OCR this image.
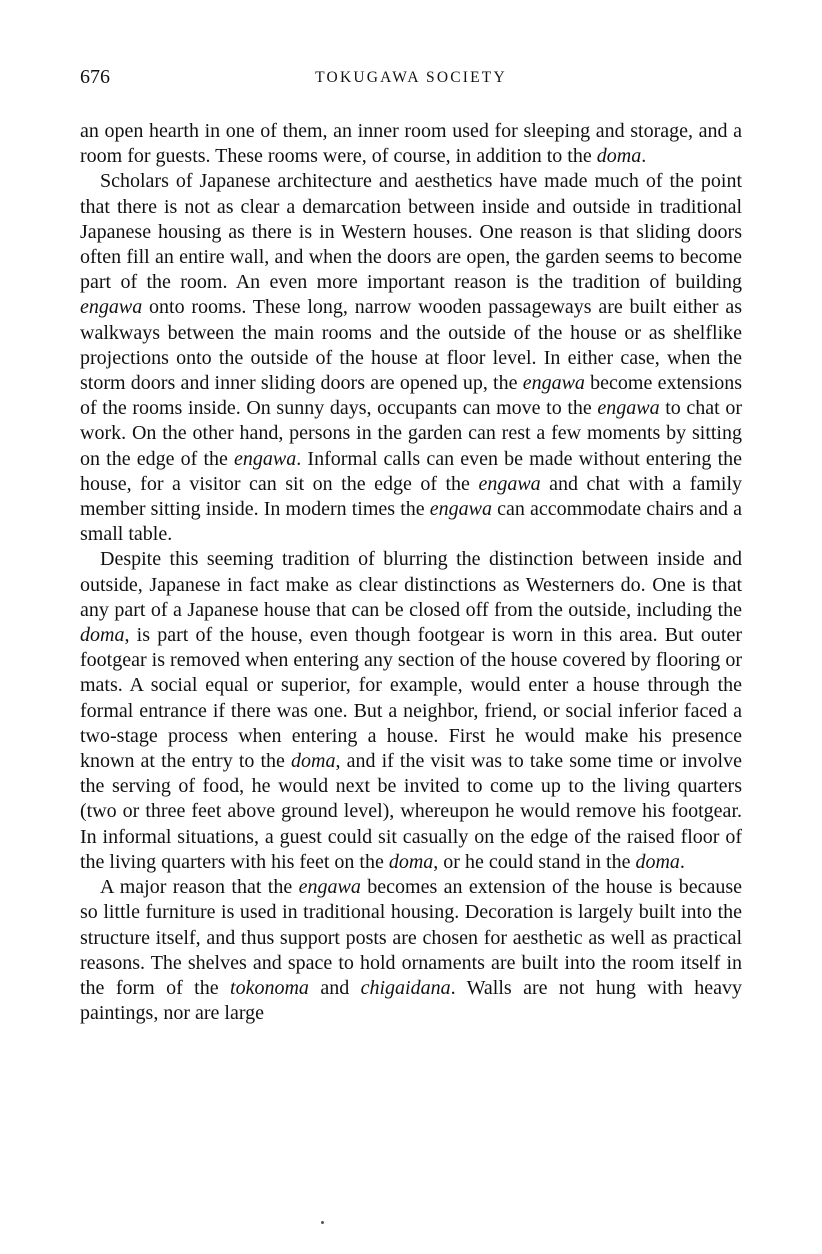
676	TOKUGAWA SOCIETY

an open hearth in one of them, an inner room used for sleeping and storage, and a room for guests. These rooms were, of course, in addition to the doma.

Scholars of Japanese architecture and aesthetics have made much of the point that there is not as clear a demarcation between inside and outside in traditional Japanese housing as there is in Western houses. One reason is that sliding doors often fill an entire wall, and when the doors are open, the garden seems to become part of the room. An even more important reason is the tradition of building engawa onto rooms. These long, narrow wooden passageways are built either as walkways between the main rooms and the outside of the house or as shelflike projections onto the outside of the house at floor level. In either case, when the storm doors and inner sliding doors are opened up, the engawa become extensions of the rooms inside. On sunny days, occupants can move to the engawa to chat or work. On the other hand, persons in the garden can rest a few moments by sitting on the edge of the engawa. Informal calls can even be made without entering the house, for a visitor can sit on the edge of the engawa and chat with a family member sitting inside. In modern times the engawa can accommodate chairs and a small table.

Despite this seeming tradition of blurring the distinction between inside and outside, Japanese in fact make as clear distinctions as Westerners do. One is that any part of a Japanese house that can be closed off from the outside, including the doma, is part of the house, even though footgear is worn in this area. But outer footgear is removed when entering any section of the house covered by flooring or mats. A social equal or superior, for example, would enter a house through the formal entrance if there was one. But a neighbor, friend, or social inferior faced a two-stage process when entering a house. First he would make his presence known at the entry to the doma, and if the visit was to take some time or involve the serving of food, he would next be invited to come up to the living quarters (two or three feet above ground level), whereupon he would remove his footgear. In informal situations, a guest could sit casually on the edge of the raised floor of the living quarters with his feet on the doma, or he could stand in the doma.

A major reason that the engawa becomes an extension of the house is because so little furniture is used in traditional housing. Decoration is largely built into the structure itself, and thus support posts are chosen for aesthetic as well as practical reasons. The shelves and space to hold ornaments are built into the room itself in the form of the tokonoma and chigaidana. Walls are not hung with heavy paintings, nor are large
